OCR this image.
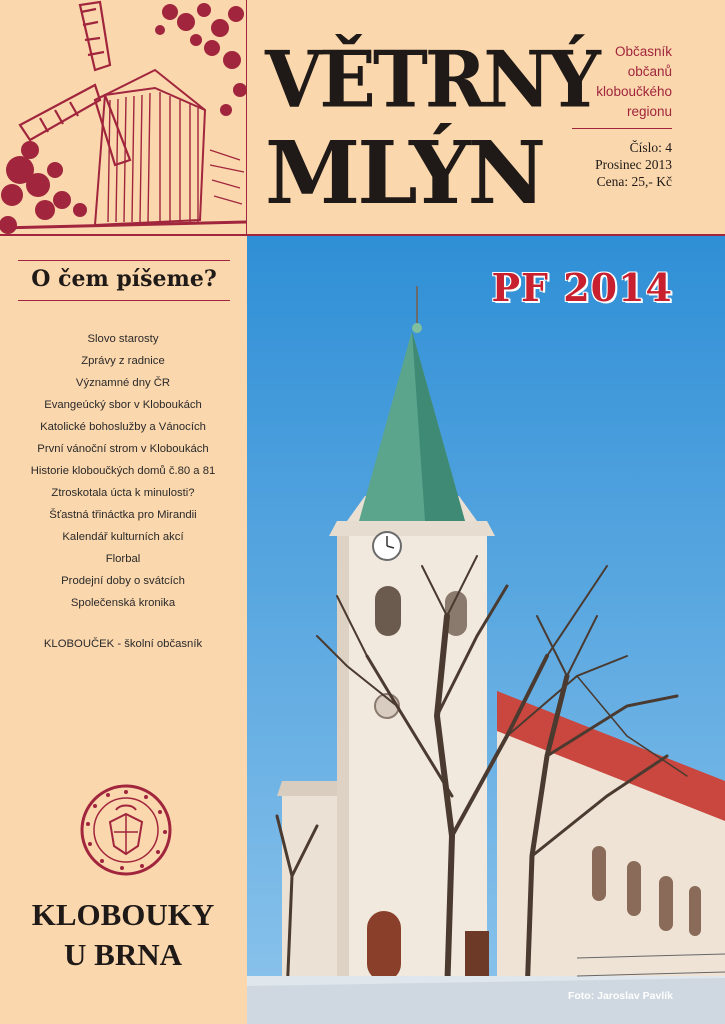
VĚTRNÝ
MLÝN
Občasník
občanů
kloboučkého
regionu
Číslo: 4
Prosinec 2013
Cena: 25,- Kč
O čem píšeme?
Slovo starosty
Zprávy z radnice
Významné dny ČR
Evangeúcký sbor v Kloboukách
Katolické bohoslužby a Vánocích
První vánoční strom v Kloboukách
Historie kloboučkých domů č.80 a 81
Ztroskotala úcta k minulosti?
Šťastná třináctka pro Mirandii
Kalendář kulturních akcí
Florbal
Prodejní doby o svátcích
Společenská kronika
KLOBOUČEK - školní občasník
KLOBOUKY
U BRNA
PF 2014
Foto: Jaroslav Pavlík
